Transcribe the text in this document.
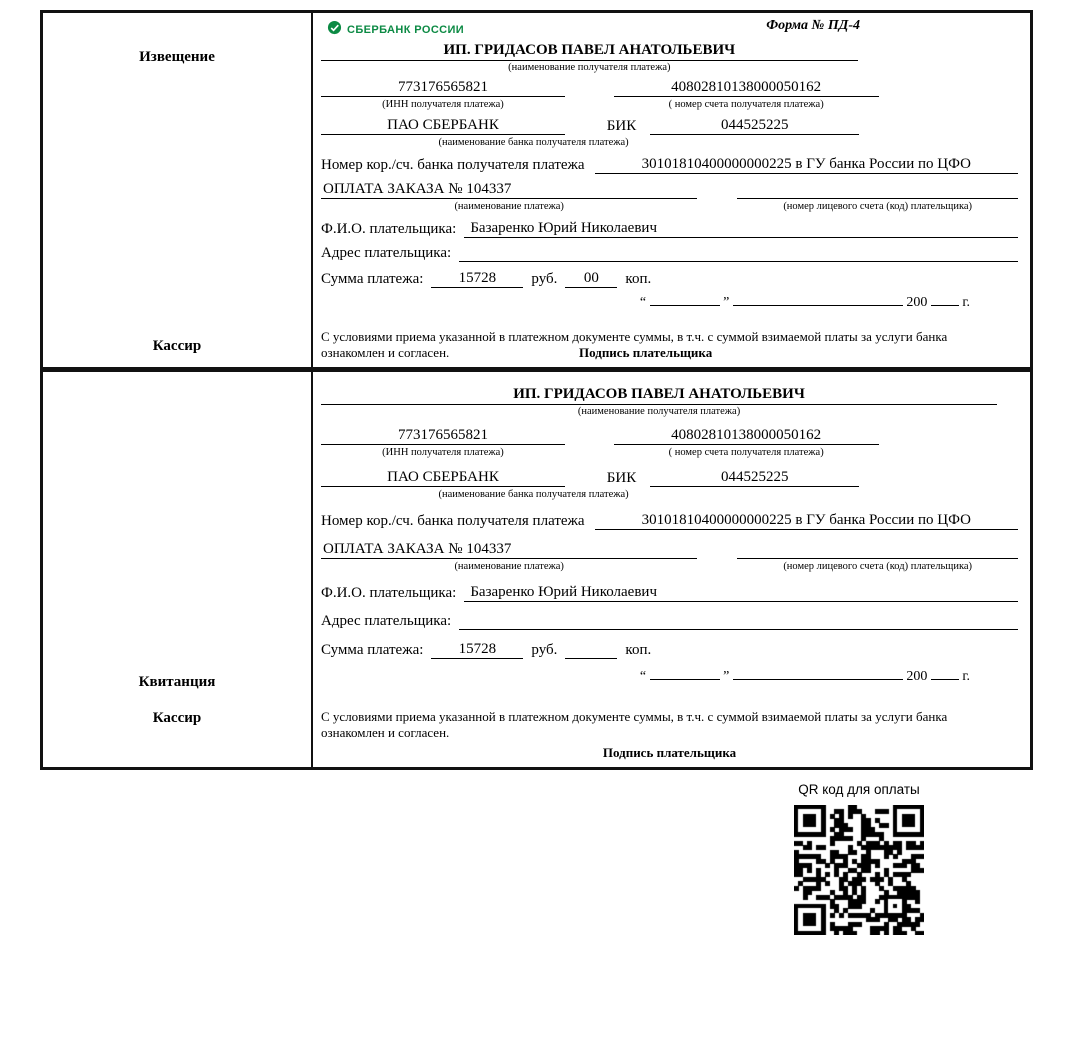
Извещение
Кассир
СБЕРБАНК РОССИИ	Форма № ПД-4
ИП. ГРИДАСОВ ПАВЕЛ АНАТОЛЬЕВИЧ
(наименование получателя платежа)
773176565821	40802810138000050162
(ИНН получателя платежа)	( номер счета получателя платежа)
ПАО СБЕРБАНК	БИК	044525225
(наименование банка получателя платежа)
Номер кор./сч. банка получателя платежа	30101810400000000225 в ГУ банка России по ЦФО
ОПЛАТА ЗАКАЗА № 104337
(наименование платежа)	(номер лицевого счета (код) плательщика)
Ф.И.О. плательщика: Базаренко Юрий Николаевич
Адрес плательщика:
Сумма платежа:	15728	руб.	00	коп.
“	”	200	г.
С условиями приема указанной в платежном документе суммы, в т.ч. с суммой взимаемой платы за услуги банка ознакомлен и согласен.	Подпись плательщика
Квитанция
Кассир
ИП. ГРИДАСОВ ПАВЕЛ АНАТОЛЬЕВИЧ
(наименование получателя платежа)
773176565821	40802810138000050162
(ИНН получателя платежа)	( номер счета получателя платежа)
ПАО СБЕРБАНК	БИК	044525225
(наименование банка получателя платежа)
Номер кор./сч. банка получателя платежа	30101810400000000225 в ГУ банка России по ЦФО
ОПЛАТА ЗАКАЗА № 104337
(наименование платежа)	(номер лицевого счета (код) плательщика)
Ф.И.О. плательщика: Базаренко Юрий Николаевич
Адрес плательщика:
Сумма платежа:	15728	руб.	коп.
“	”	200	г.
С условиями приема указанной в платежном документе суммы, в т.ч. с суммой взимаемой платы за услуги банка ознакомлен и согласен.
Подпись плательщика
QR код для оплаты
